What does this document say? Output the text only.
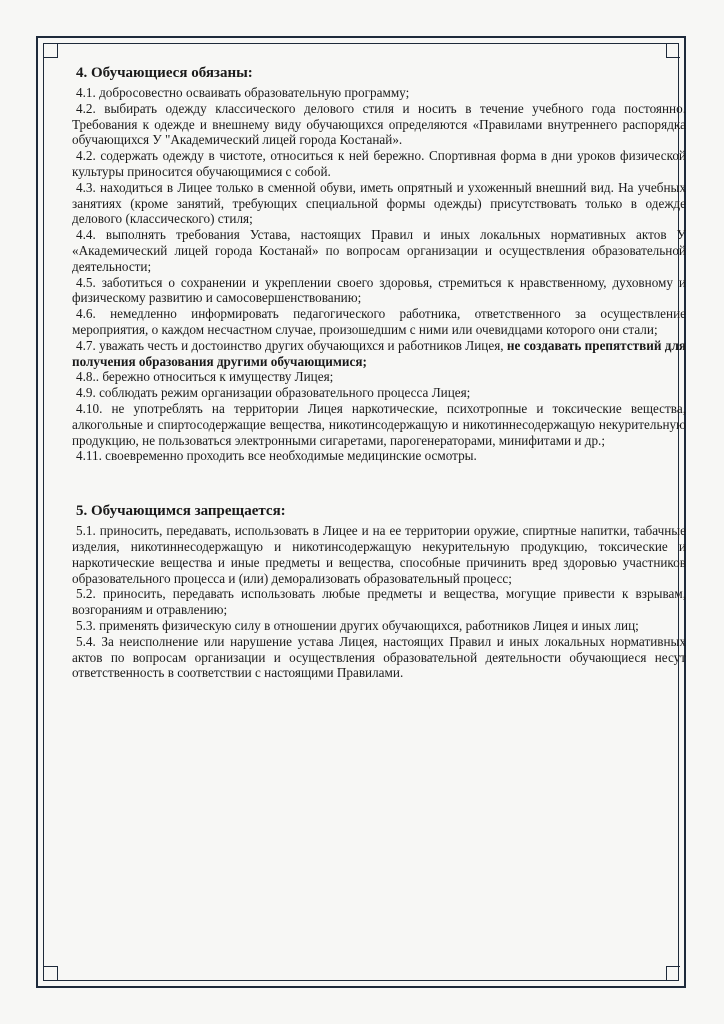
4. Обучающиеся обязаны:

4.1. добросовестно осваивать образовательную программу;

4.2. выбирать одежду классического делового стиля и носить в течение учебного года постоянно. Требования к одежде и внешнему виду обучающихся определяются «Правилами внутреннего распорядка обучающихся У "Академический лицей города Костанай».

4.2. содержать одежду в чистоте, относиться к ней бережно. Спортивная форма в дни уроков физической культуры приносится обучающимися с собой.

4.3. находиться в Лицее только в сменной обуви, иметь опрятный и ухоженный внешний вид. На учебных занятиях (кроме занятий, требующих специальной формы одежды) присутствовать только в одежде делового (классического) стиля;

4.4. выполнять требования Устава, настоящих Правил и иных локальных нормативных актов У «Академический лицей города Костанай» по вопросам организации и осуществления образовательной деятельности;

4.5. заботиться о сохранении и укреплении своего здоровья, стремиться к нравственному, духовному и физическому развитию и самосовершенствованию;

4.6. немедленно информировать педагогического работника, ответственного за осуществление мероприятия, о каждом несчастном случае, произошедшим с ними или очевидцами которого они стали;

4.7. уважать честь и достоинство других обучающихся и работников Лицея, не создавать препятствий для получения образования другими обучающимися;

4.8.. бережно относиться к имуществу Лицея;

4.9. соблюдать режим организации образовательного процесса Лицея;

4.10. не употреблять на территории Лицея наркотические, психотропные и токсические вещества, алкогольные и спиртосодержащие вещества, никотинсодержащую и никотиннесодержащую некурительную продукцию, не пользоваться электронными сигаретами, парогенераторами, минифитами и др.;

4.11. своевременно проходить все необходимые медицинские осмотры.

5. Обучающимся запрещается:

5.1. приносить, передавать, использовать в Лицее и на ее территории оружие, спиртные напитки, табачные изделия, никотиннесодержащую и никотинсодержащую некурительную продукцию, токсические и наркотические вещества и иные предметы и вещества, способные причинить вред здоровью участников образовательного процесса и (или) деморализовать образовательный процесс;

5.2. приносить, передавать использовать любые предметы и вещества, могущие привести к взрывам, возгораниям и отравлению;

5.3. применять физическую силу в отношении других обучающихся, работников Лицея и иных лиц;

5.4. За неисполнение или нарушение устава Лицея, настоящих Правил и иных локальных нормативных актов по вопросам организации и осуществления образовательной деятельности обучающиеся несут ответственность в соответствии с настоящими Правилами.
